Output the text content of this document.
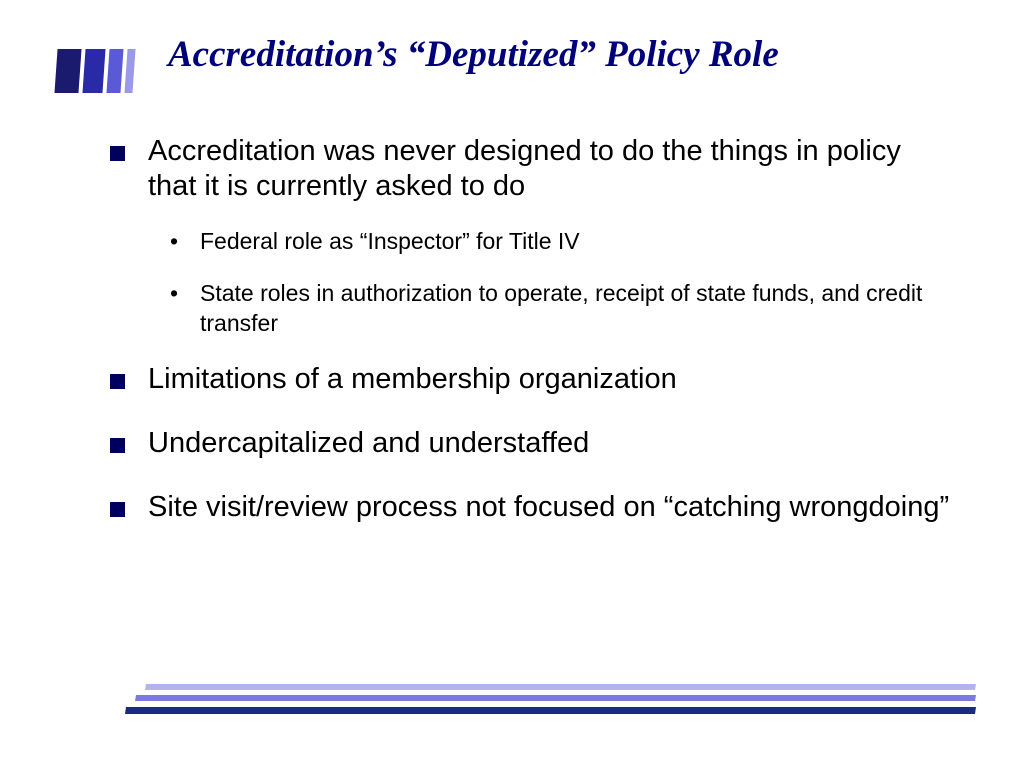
Accreditation’s “Deputized” Policy Role

Accreditation was never designed to do the things in policy that it is currently asked to do

• Federal role as “Inspector” for Title IV

• State roles in authorization to operate, receipt of state funds, and credit transfer

Limitations of a membership organization

Undercapitalized and understaffed

Site visit/review process not focused on “catching wrongdoing”
